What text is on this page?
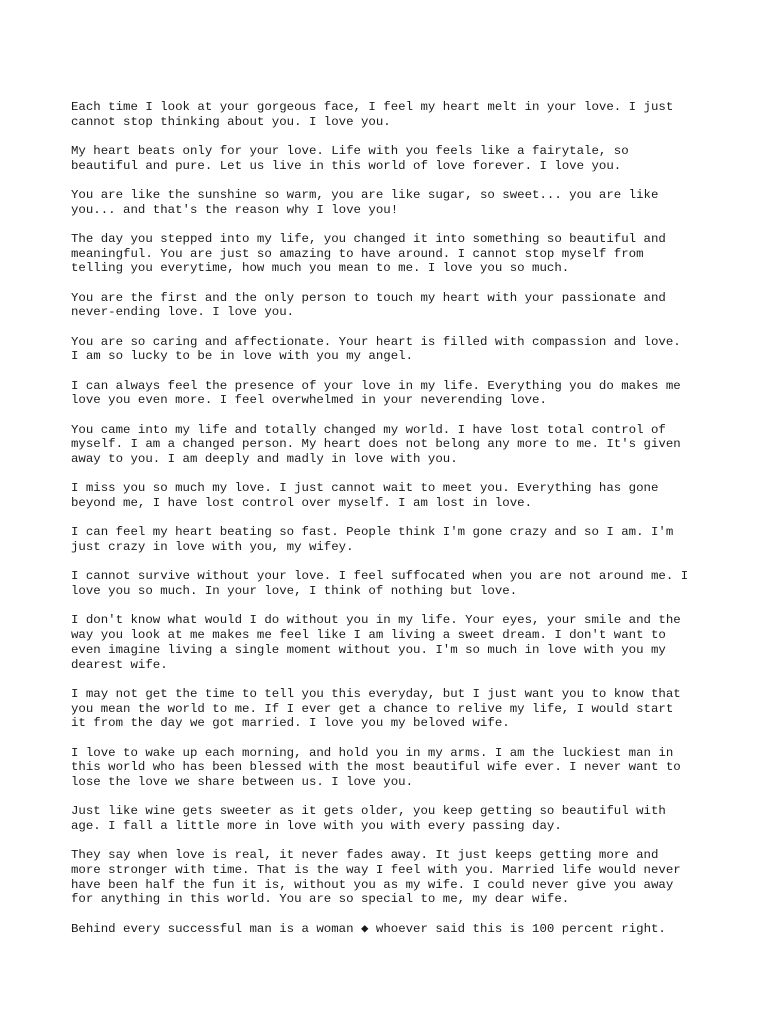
Each time I look at your gorgeous face, I feel my heart melt in your love. I just
cannot stop thinking about you. I love you.

My heart beats only for your love. Life with you feels like a fairytale, so
beautiful and pure. Let us live in this world of love forever. I love you.

You are like the sunshine so warm, you are like sugar, so sweet... you are like
you... and that's the reason why I love you!

The day you stepped into my life, you changed it into something so beautiful and
meaningful. You are just so amazing to have around. I cannot stop myself from
telling you everytime, how much you mean to me. I love you so much.

You are the first and the only person to touch my heart with your passionate and
never-ending love. I love you.

You are so caring and affectionate. Your heart is filled with compassion and love.
I am so lucky to be in love with you my angel.

I can always feel the presence of your love in my life. Everything you do makes me
love you even more. I feel overwhelmed in your neverending love.

You came into my life and totally changed my world. I have lost total control of
myself. I am a changed person. My heart does not belong any more to me. It's given
away to you. I am deeply and madly in love with you.

I miss you so much my love. I just cannot wait to meet you. Everything has gone
beyond me, I have lost control over myself. I am lost in love.

I can feel my heart beating so fast. People think I'm gone crazy and so I am. I'm
just crazy in love with you, my wifey.

I cannot survive without your love. I feel suffocated when you are not around me. I
love you so much. In your love, I think of nothing but love.

I don't know what would I do without you in my life. Your eyes, your smile and the
way you look at me makes me feel like I am living a sweet dream. I don't want to
even imagine living a single moment without you. I'm so much in love with you my
dearest wife.

I may not get the time to tell you this everyday, but I just want you to know that
you mean the world to me. If I ever get a chance to relive my life, I would start
it from the day we got married. I love you my beloved wife.

I love to wake up each morning, and hold you in my arms. I am the luckiest man in
this world who has been blessed with the most beautiful wife ever. I never want to
lose the love we share between us. I love you.

Just like wine gets sweeter as it gets older, you keep getting so beautiful with
age. I fall a little more in love with you with every passing day.

They say when love is real, it never fades away. It just keeps getting more and
more stronger with time. That is the way I feel with you. Married life would never
have been half the fun it is, without you as my wife. I could never give you away
for anything in this world. You are so special to me, my dear wife.

Behind every successful man is a woman ◆ whoever said this is 100 percent right.
